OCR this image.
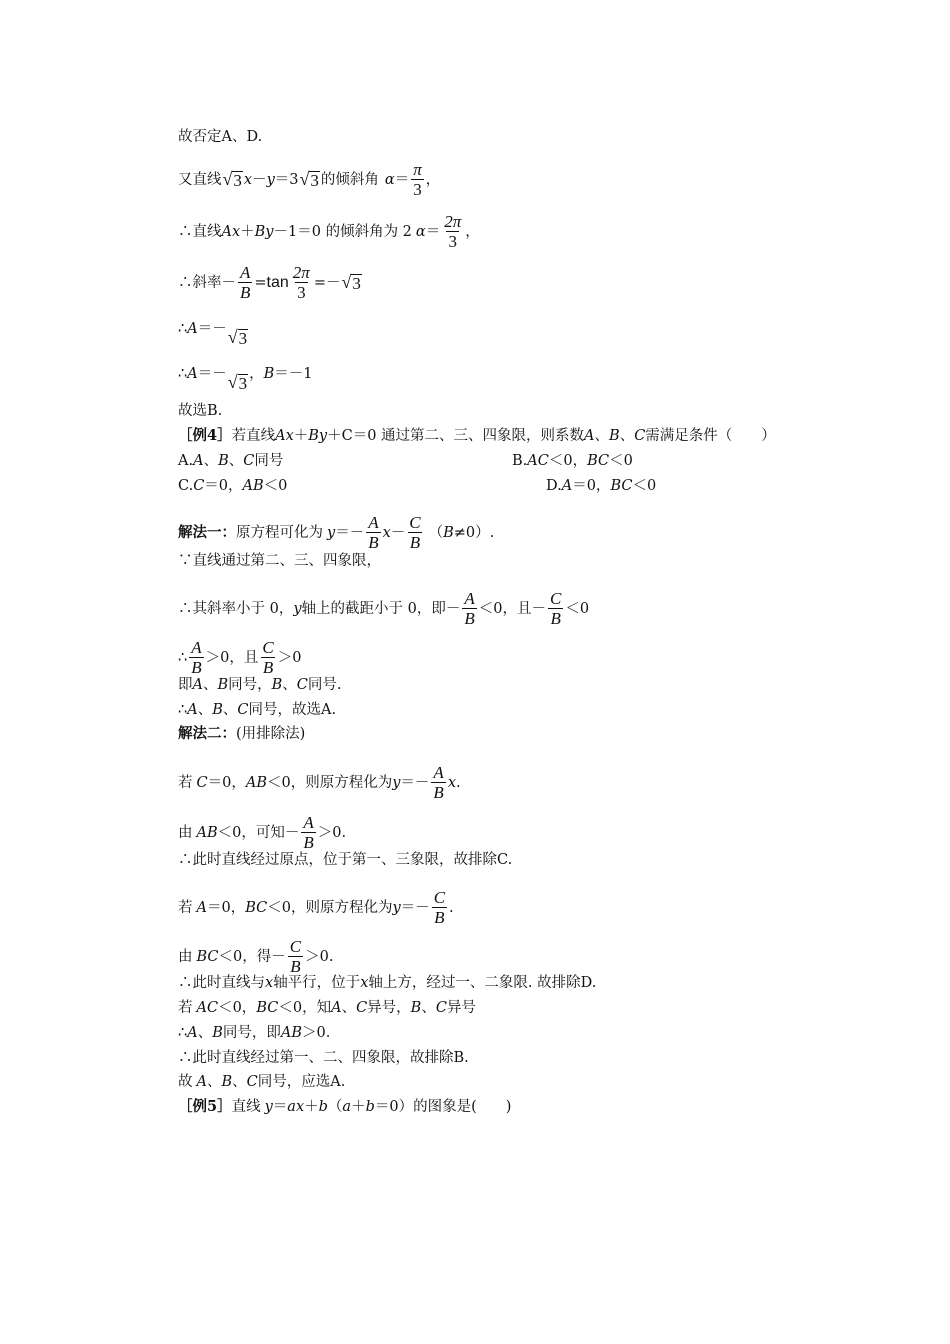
故否定A、D.
又直线 √ 3 x － y ＝3 √ 3 的倾斜角 $\alpha = \frac{\pi}{3}$ ，
∴直线 Ax ＋ By －1＝0 的倾斜角为 2 $\alpha = \frac{2\pi}{3}$ ，
∴斜率－ $\frac{A}{B} = \tan \frac{2\pi}{3}$ =－ √ 3
∴ A ＝－ √ 3
∴ A ＝－ √ 3
， B ＝－1
故选B.
［例4］ 若直线 Ax ＋ By ＋C＝0 通过第二、三、四象限，则系数 A 、 B 、 C 需满足条件（　　）
A. A 、 B 、 C 同号	B. AC ＜0， BC ＜0
C. C ＝0， AB ＜0	D. A ＝0， BC ＜0
解法一： 原方程可化为 $y =- \frac{A}{B}$ $x - \frac{C}{B}$ （ B ≠0）.
∵直线通过第二、三、四象限，
∴其斜率小于 0， y 轴上的截距小于 0，即－ $\frac{A}{B} <0$，且－ $\frac{C}{B} <0$
∴ $\frac{A}{B} >0$，且 $\frac{C}{B} >0$
即 A 、 B 同号， B 、 C 同号.
∴ A 、 B 、 C 同号，故选A.
解法二： (用排除法)
若 C ＝0， AB ＜0，则原方程化为 $y =- \frac{A}{B} x$.
由 AB ＜0，可知－ $\frac{A}{B} >0$.
∴此时直线经过原点，位于第一、三象限，故排除C.
若 A ＝0， BC ＜0，则原方程化为 $y =- \frac{C}{B}$ .
由 BC ＜0，得－ $\frac{C}{B} >0$.
∴此时直线与 x 轴平行，位于 x 轴上方，经过一、二象限. 故排除D.
若 AC ＜0， BC ＜0，知 A 、 C 异号， B 、 C 异号
∴ A 、 B 同号，即 AB ＞0.
∴此时直线经过第一、二、四象限，故排除B.
故 A 、 B 、 C 同号，应选A.
［例5］ 直线 y ＝ ax ＋ b （ a ＋ b ＝0）的图象是(　　)
